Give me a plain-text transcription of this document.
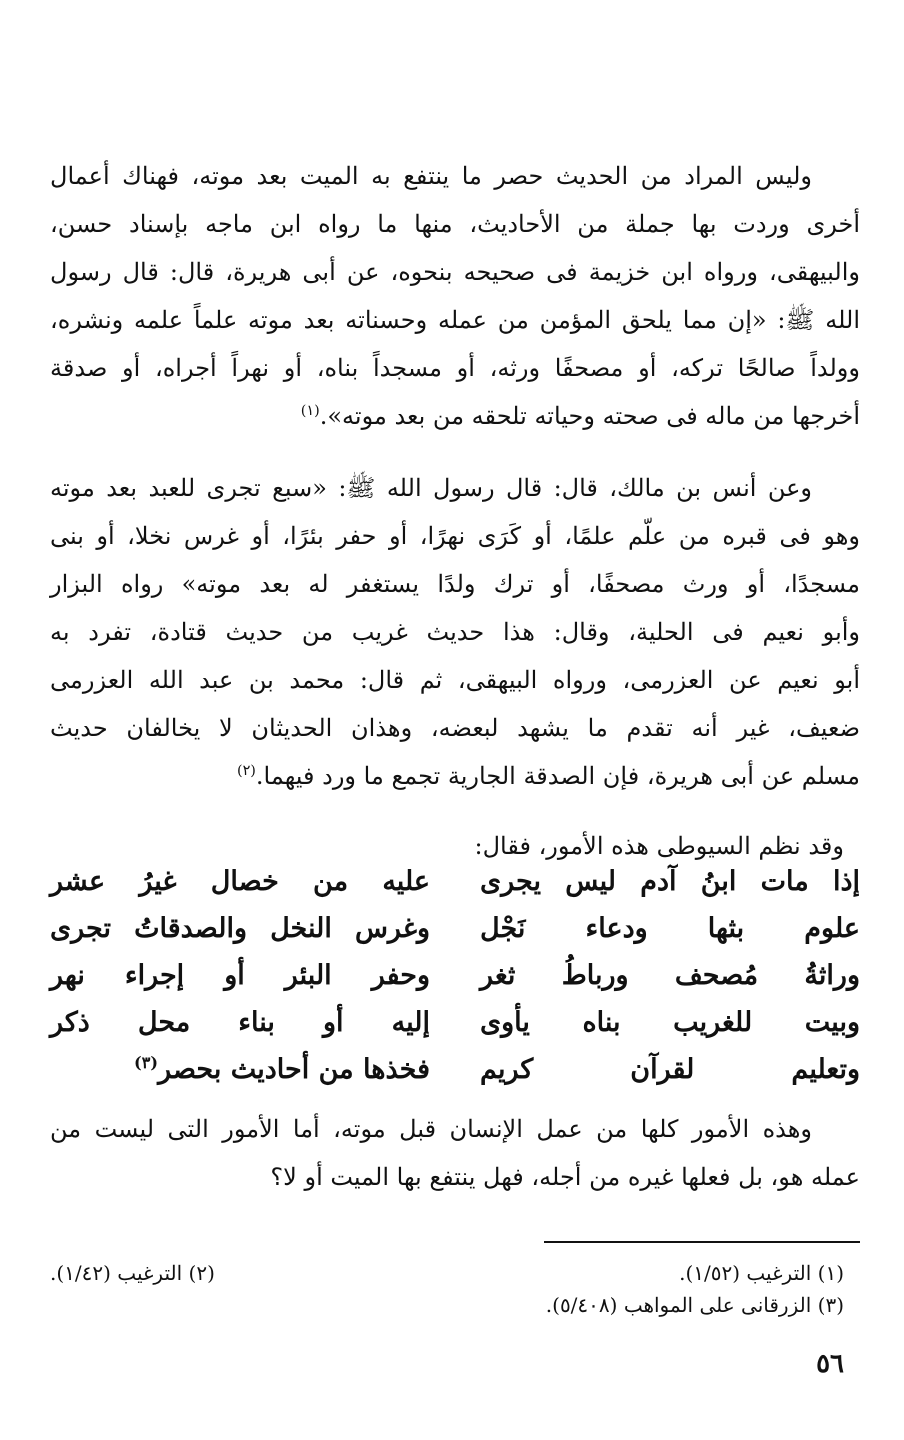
وليس المراد من الحديث حصر ما ينتفع به الميت بعد موته، فهناك أعمال
أخرى وردت بها جملة من الأحاديث، منها ما رواه ابن ماجه بإسناد حسن،
والبيهقى، ورواه ابن خزيمة فى صحيحه بنحوه، عن أبى هريرة، قال: قال رسول
الله ﷺ: «إن مما يلحق المؤمن من عمله وحسناته بعد موته علماً علمه ونشره،
وولداً صالحًا تركه، أو مصحفًا ورثه، أو مسجداً بناه، أو نهراً أجراه، أو صدقة
أخرجها من ماله فى صحته وحياته تلحقه من بعد موته».$^{(١)}$
وعن أنس بن مالك، قال: قال رسول الله ﷺ: «سبع تجرى للعبد بعد موته
وهو فى قبره من علّم علمًا، أو كَرَى نهرًا، أو حفر بئرًا، أو غرس نخلا، أو بنى
مسجدًا، أو ورث مصحفًا، أو ترك ولدًا يستغفر له بعد موته» رواه البزار
وأبو نعيم فى الحلية، وقال: هذا حديث غريب من حديث قتادة، تفرد به
أبو نعيم عن العزرمى، ورواه البيهقى، ثم قال: محمد بن عبد الله العزرمى
ضعيف، غير أنه تقدم ما يشهد لبعضه، وهذان الحديثان لا يخالفان حديث
مسلم عن أبى هريرة، فإن الصدقة الجارية تجمع ما ورد فيهما.$^{(٢)}$
وقد نظم السيوطى هذه الأمور، فقال:
إذا مات ابنُ آدم ليس يجرى
عليه من خصال غيرُ عشر
علوم بثها ودعاء نَجْل
وغرس النخل والصدقاتُ تجرى
وراثةُ مُصحف ورباطُ ثغر
وحفر البئر أو إجراء نهر
وبيت للغريب بناه يأوى
إليه أو بناء محل ذكر
وتعليم لقرآن كريم
فخذها من أحاديث بحصر$^{(٣)}$
وهذه الأمور كلها من عمل الإنسان قبل موته، أما الأمور التى ليست من
عمله هو، بل فعلها غيره من أجله، فهل ينتفع بها الميت أو لا؟
(١) الترغيب (١/٥٢).
(٢) الترغيب (١/٤٢).
(٣) الزرقانى على المواهب (٥/٤٠٨).
٥٦
